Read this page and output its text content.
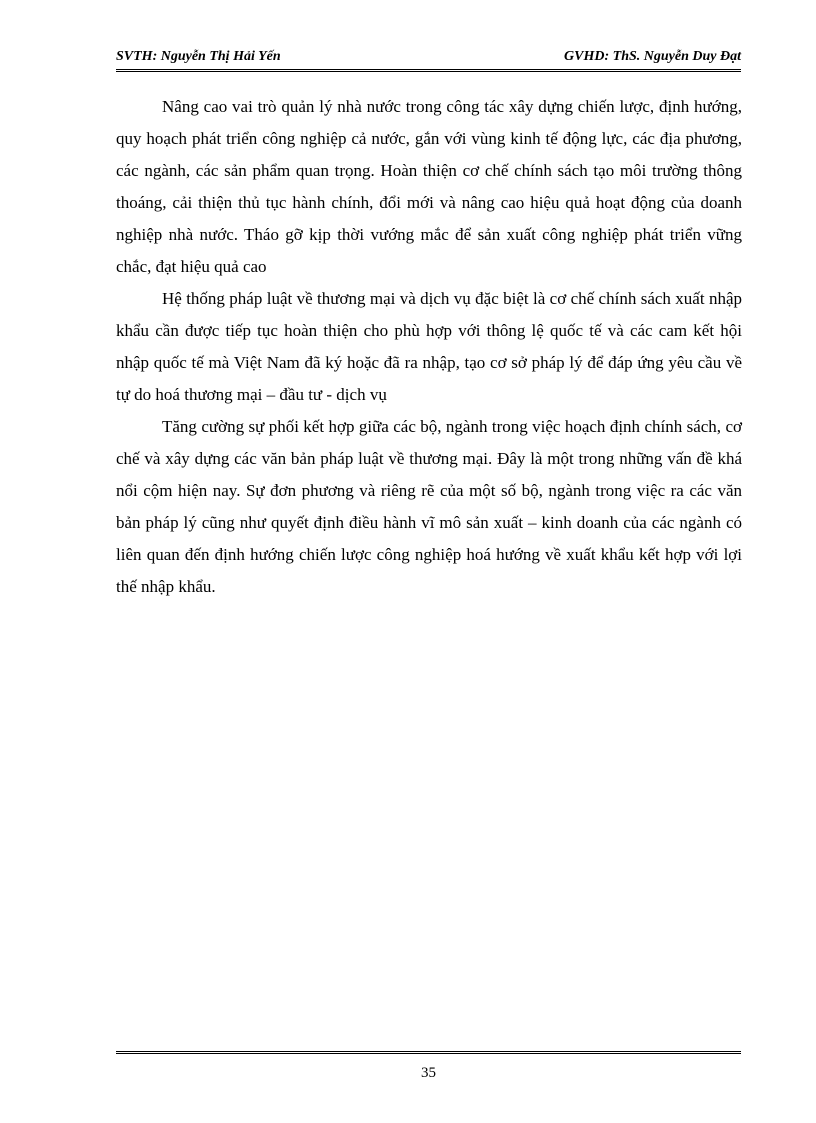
SVTH: Nguyễn Thị Hải Yến	GVHD: ThS. Nguyễn Duy Đạt

Nâng cao vai trò quản lý nhà nước trong công tác xây dựng chiến lược, định hướng, quy hoạch phát triển công nghiệp cả nước, gắn với vùng kinh tế động lực, các địa phương, các ngành, các sản phẩm quan trọng. Hoàn thiện cơ chế chính sách tạo môi trường thông thoáng, cải thiện thủ tục hành chính, đổi mới và nâng cao hiệu quả hoạt động của doanh nghiệp nhà nước. Tháo gỡ kịp thời vướng mắc để sản xuất công nghiệp phát triển vững chắc, đạt hiệu quả cao

Hệ thống pháp luật về thương mại và dịch vụ đặc biệt là cơ chế chính sách xuất nhập khẩu cần được tiếp tục hoàn thiện cho phù hợp với thông lệ quốc tế và các cam kết hội nhập quốc tế mà Việt Nam đã ký hoặc đã ra nhập, tạo cơ sở pháp lý để đáp ứng yêu cầu về tự do hoá thương mại – đầu tư - dịch vụ

Tăng cường sự phối kết hợp giữa các bộ, ngành trong việc hoạch định chính sách, cơ chế và xây dựng các văn bản pháp luật về thương mại. Đây là một trong những vấn đề khá nổi cộm hiện nay. Sự đơn phương và riêng rẽ của một số bộ, ngành trong việc ra các văn bản pháp lý cũng như quyết định điều hành vĩ mô sản xuất – kinh doanh của các ngành có liên quan đến định hướng chiến lược công nghiệp hoá hướng về xuất khẩu kết hợp với lợi thế nhập khẩu.

35
